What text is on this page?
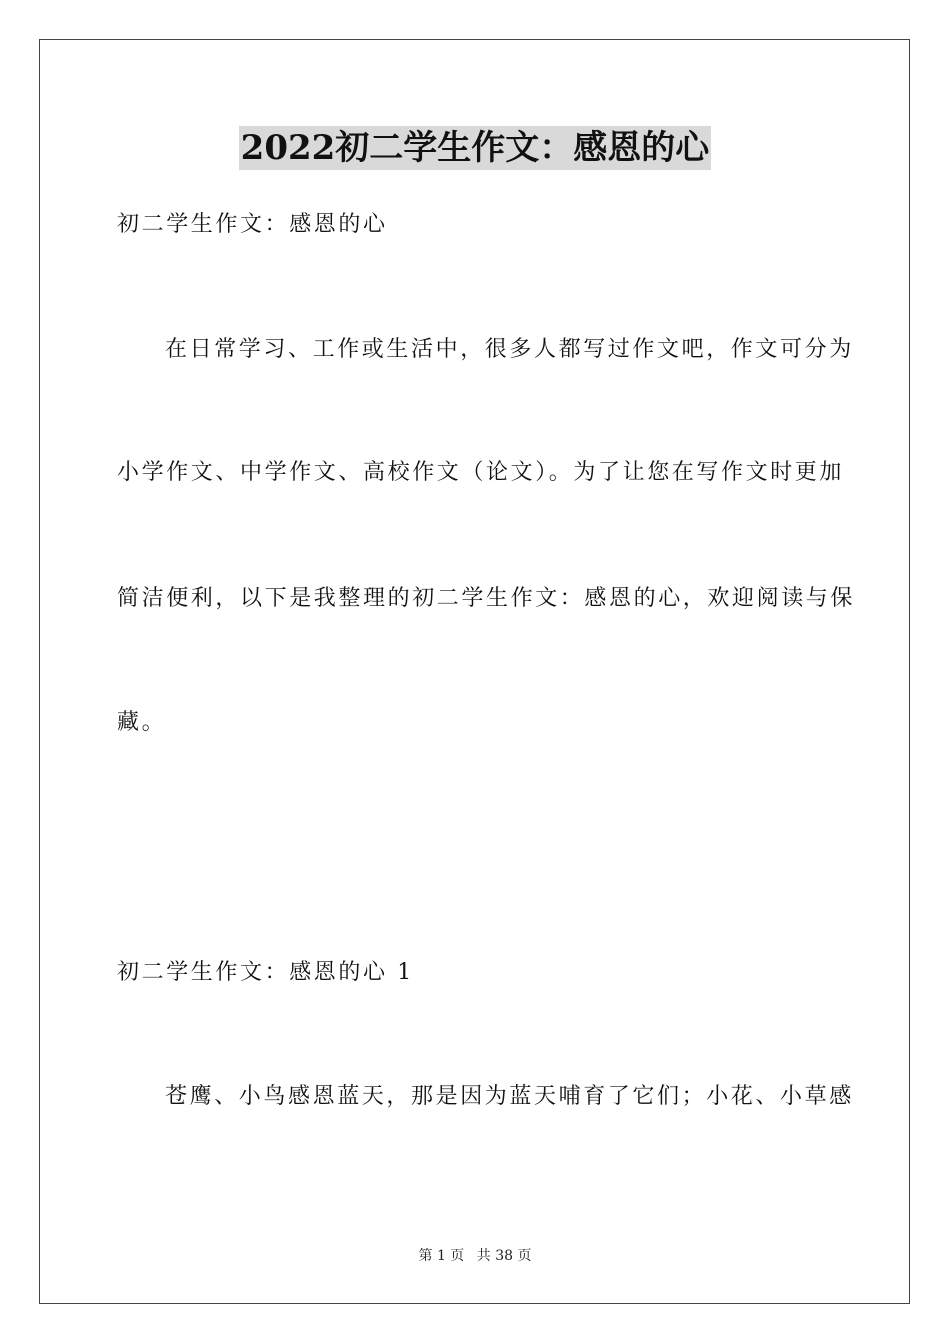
2022初二学生作文：感恩的心
初二学生作文：感恩的心
在日常学习、工作或生活中，很多人都写过作文吧，作文可分为
小学作文、中学作文、高校作文（论文）。为了让您在写作文时更加
简洁便利，以下是我整理的初二学生作文：感恩的心，欢迎阅读与保
藏。
初二学生作文：感恩的心 1
苍鹰、小鸟感恩蓝天，那是因为蓝天哺育了它们；小花、小草感
第 1 页 共 38 页
